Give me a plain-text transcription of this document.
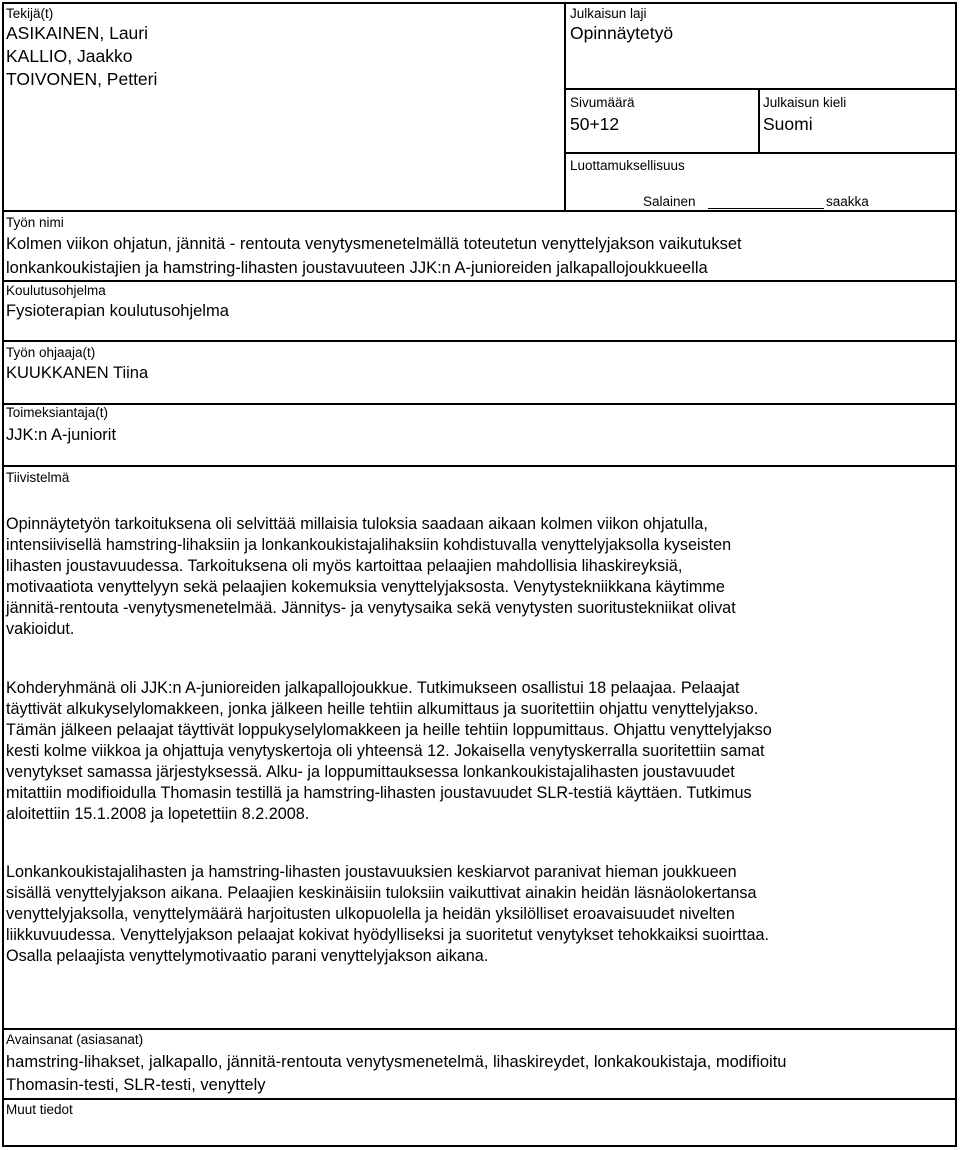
Tekijä(t)
ASIKAINEN, Lauri
KALLIO, Jaakko
TOIVONEN, Petteri
Julkaisun laji
Opinnäytetyö
Sivumäärä
50+12
Julkaisun kieli
Suomi
Luottamuksellisuus
Salainen	saakka
Työn nimi
Kolmen viikon ohjatun, jännitä - rentouta venytysmenetelmällä toteutetun venyttelyjakson vaikutukset
lonkankoukistajien ja hamstring-lihasten joustavuuteen JJK:n A-junioreiden jalkapallojoukkueella
Koulutusohjelma
Fysioterapian koulutusohjelma
Työn ohjaaja(t)
KUUKKANEN Tiina
Toimeksiantaja(t)
JJK:n A-juniorit
Tiivistelmä
Opinnäytetyön tarkoituksena oli selvittää millaisia tuloksia saadaan aikaan kolmen viikon ohjatulla,
intensiivisellä hamstring-lihaksiin ja lonkankoukistajalihaksiin kohdistuvalla venyttelyjaksolla kyseisten
lihasten joustavuudessa. Tarkoituksena oli myös kartoittaa pelaajien mahdollisia lihaskireyksiä,
motivaatiota venyttelyyn sekä pelaajien kokemuksia venyttelyjaksosta. Venytystekniikkana käytimme
jännitä-rentouta -venytysmenetelmää. Jännitys- ja venytysaika sekä venytysten suoritustekniikat olivat
vakioidut.
Kohderyhmänä oli JJK:n A-junioreiden jalkapallojoukkue. Tutkimukseen osallistui 18 pelaajaa. Pelaajat
täyttivät alkukyselylomakkeen, jonka jälkeen heille tehtiin alkumittaus ja suoritettiin ohjattu venyttelyjakso.
Tämän jälkeen pelaajat täyttivät loppukyselylomakkeen ja heille tehtiin loppumittaus. Ohjattu venyttelyjakso
kesti kolme viikkoa ja ohjattuja venytyskertoja oli yhteensä 12. Jokaisella venytyskerralla suoritettiin samat
venytykset samassa järjestyksessä. Alku- ja loppumittauksessa lonkankoukistajalihasten joustavuudet
mitattiin modifioidulla Thomasin testillä ja hamstring-lihasten joustavuudet SLR-testiä käyttäen. Tutkimus
aloitettiin 15.1.2008 ja lopetettiin 8.2.2008.
Lonkankoukistajalihasten ja hamstring-lihasten joustavuuksien keskiarvot paranivat hieman joukkueen
sisällä venyttelyjakson aikana. Pelaajien keskinäisiin tuloksiin vaikuttivat ainakin heidän läsnäolokertansa
venyttelyjaksolla, venyttelymäärä harjoitusten ulkopuolella ja heidän yksilölliset eroavaisuudet nivelten
liikkuvuudessa. Venyttelyjakson pelaajat kokivat hyödylliseksi ja suoritetut venytykset tehokkaiksi suoirttaa.
Osalla pelaajista venyttelymotivaatio parani venyttelyjakson aikana.
Avainsanat (asiasanat)
hamstring-lihakset, jalkapallo, jännitä-rentouta venytysmenetelmä, lihaskireydet, lonkakoukistaja, modifioitu
Thomasin-testi, SLR-testi, venyttely
Muut tiedot
